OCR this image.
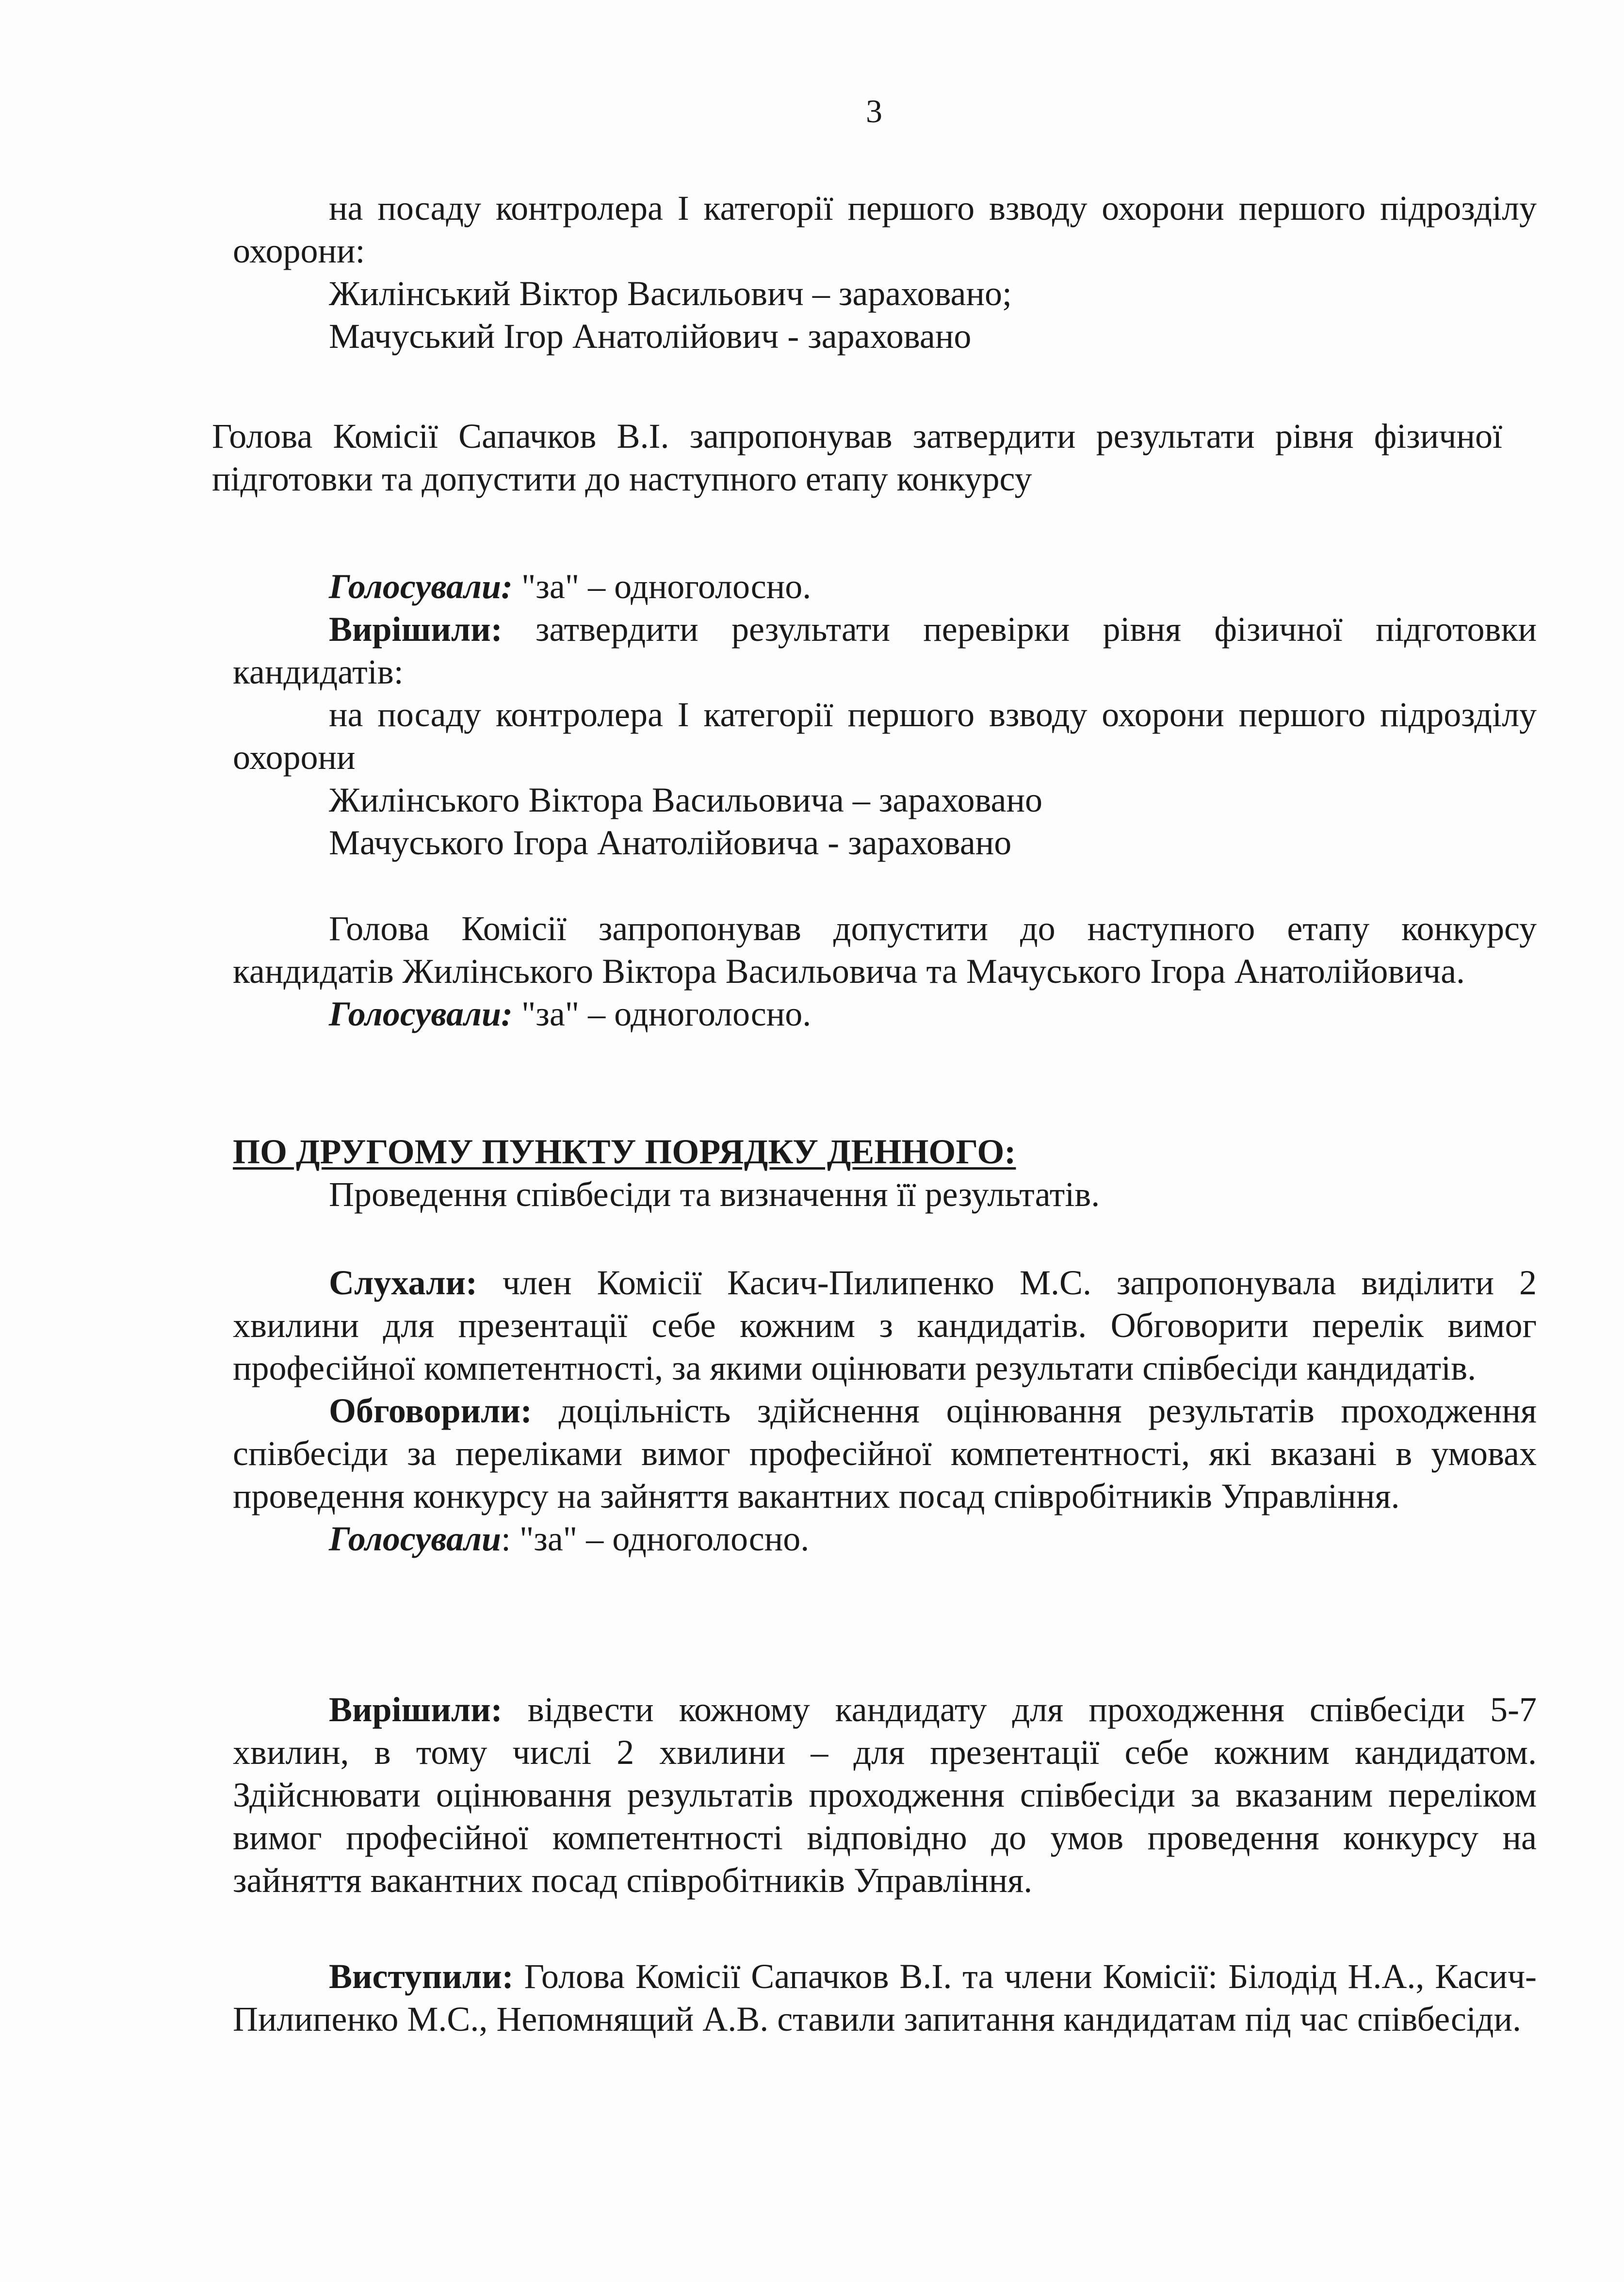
3

на посаду контролера І категорії першого взводу охорони першого підрозділу охорони:

Жилінський Віктор Васильович – зараховано;

Мачуський Ігор Анатолійович - зараховано

Голова Комісії Сапачков В.І. запропонував затвердити результати рівня фізичної підготовки та допустити до наступного етапу конкурсу

Голосували: "за" – одноголосно.

Вирішили: затвердити результати перевірки рівня фізичної підготовки кандидатів:

на посаду контролера І категорії першого взводу охорони першого підрозділу охорони

Жилінського Віктора Васильовича – зараховано

Мачуського Ігора Анатолійовича - зараховано

Голова Комісії запропонував допустити до наступного етапу конкурсу кандидатів Жилінського Віктора Васильовича та Мачуського Ігора Анатолійовича.

Голосували: "за" – одноголосно.

ПО ДРУГОМУ ПУНКТУ ПОРЯДКУ ДЕННОГО:

Проведення співбесіди та визначення її результатів.

Слухали: член Комісії Касич-Пилипенко М.С. запропонувала виділити 2 хвилини для презентації себе кожним з кандидатів. Обговорити перелік вимог професійної компетентності, за якими оцінювати результати співбесіди кандидатів.

Обговорили: доцільність здійснення оцінювання результатів проходження співбесіди за переліками вимог професійної компетентності, які вказані в умовах проведення конкурсу на зайняття вакантних посад співробітників Управління.

Голосували: "за" – одноголосно.

Вирішили: відвести кожному кандидату для проходження співбесіди 5-7 хвилин, в тому числі 2 хвилини – для презентації себе кожним кандидатом. Здійснювати оцінювання результатів проходження співбесіди за вказаним переліком вимог професійної компетентності відповідно до умов проведення конкурсу на зайняття вакантних посад співробітників Управління.

Виступили: Голова Комісії Сапачков В.І. та члени Комісії: Білодід Н.А., Касич-Пилипенко М.С., Непомнящий А.В. ставили запитання кандидатам під час співбесіди.
